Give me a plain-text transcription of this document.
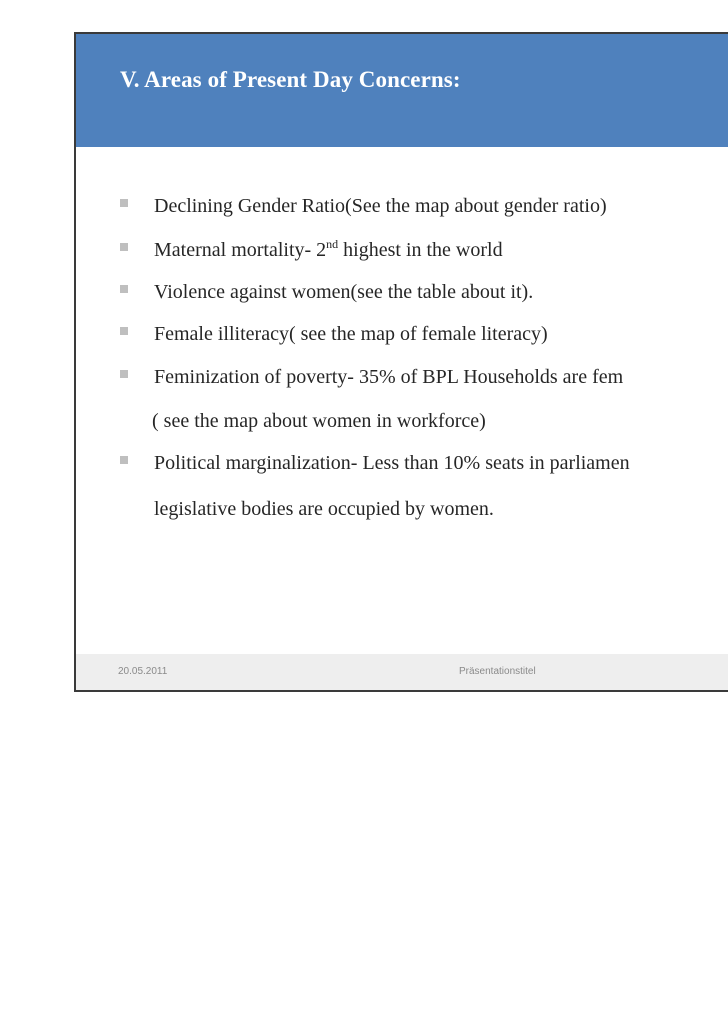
V. Areas of Present Day Concerns:
Declining Gender Ratio(See the map about gender ratio)
Maternal mortality- 2nd highest in the world
Violence against women(see the table about it).
Female illiteracy( see the map of female literacy)
Feminization of poverty- 35% of BPL Households are fem
( see the map about women in workforce)
Political marginalization- Less than 10% seats in parliamen
legislative bodies are occupied by women.
20.05.2011	Präsentationstitel
